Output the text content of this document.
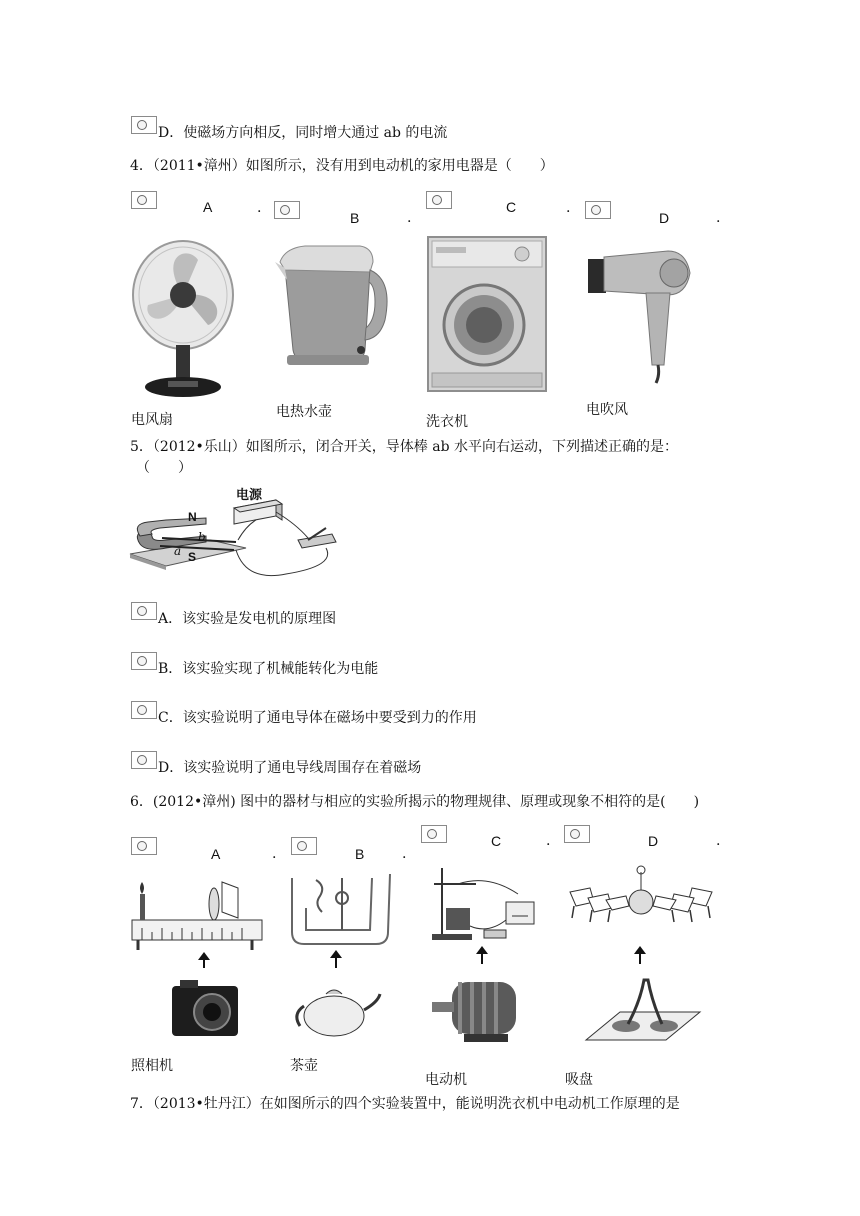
D．使磁场方向相反，同时增大通过 ab 的电流
4．（2011•漳州）如图所示，没有用到电动机的家用电器是（　　）
A	.
B	.
C	.
D	.
电风扇	电热水壶
洗衣机
电吹风
5．（2012•乐山）如图所示，闭合开关，导体棒 ab 水平向右运动，下列描述正确的是：
（　　）
电源
N
S
a
b
A．该实验是发电机的原理图
B．该实验实现了机械能转化为电能
C．该实验说明了通电导体在磁场中要受到力的作用
D．该实验说明了通电导线周围存在着磁场
6．(2012•漳州) 图中的器材与相应的实验所揭示的物理规律、原理或现象不相符的是(　　)
A	.	B	.
C	.	D	.
照相机	茶壶
电动机	吸盘
7．（2013•牡丹江）在如图所示的四个实验装置中，能说明洗衣机中电动机工作原理的是
